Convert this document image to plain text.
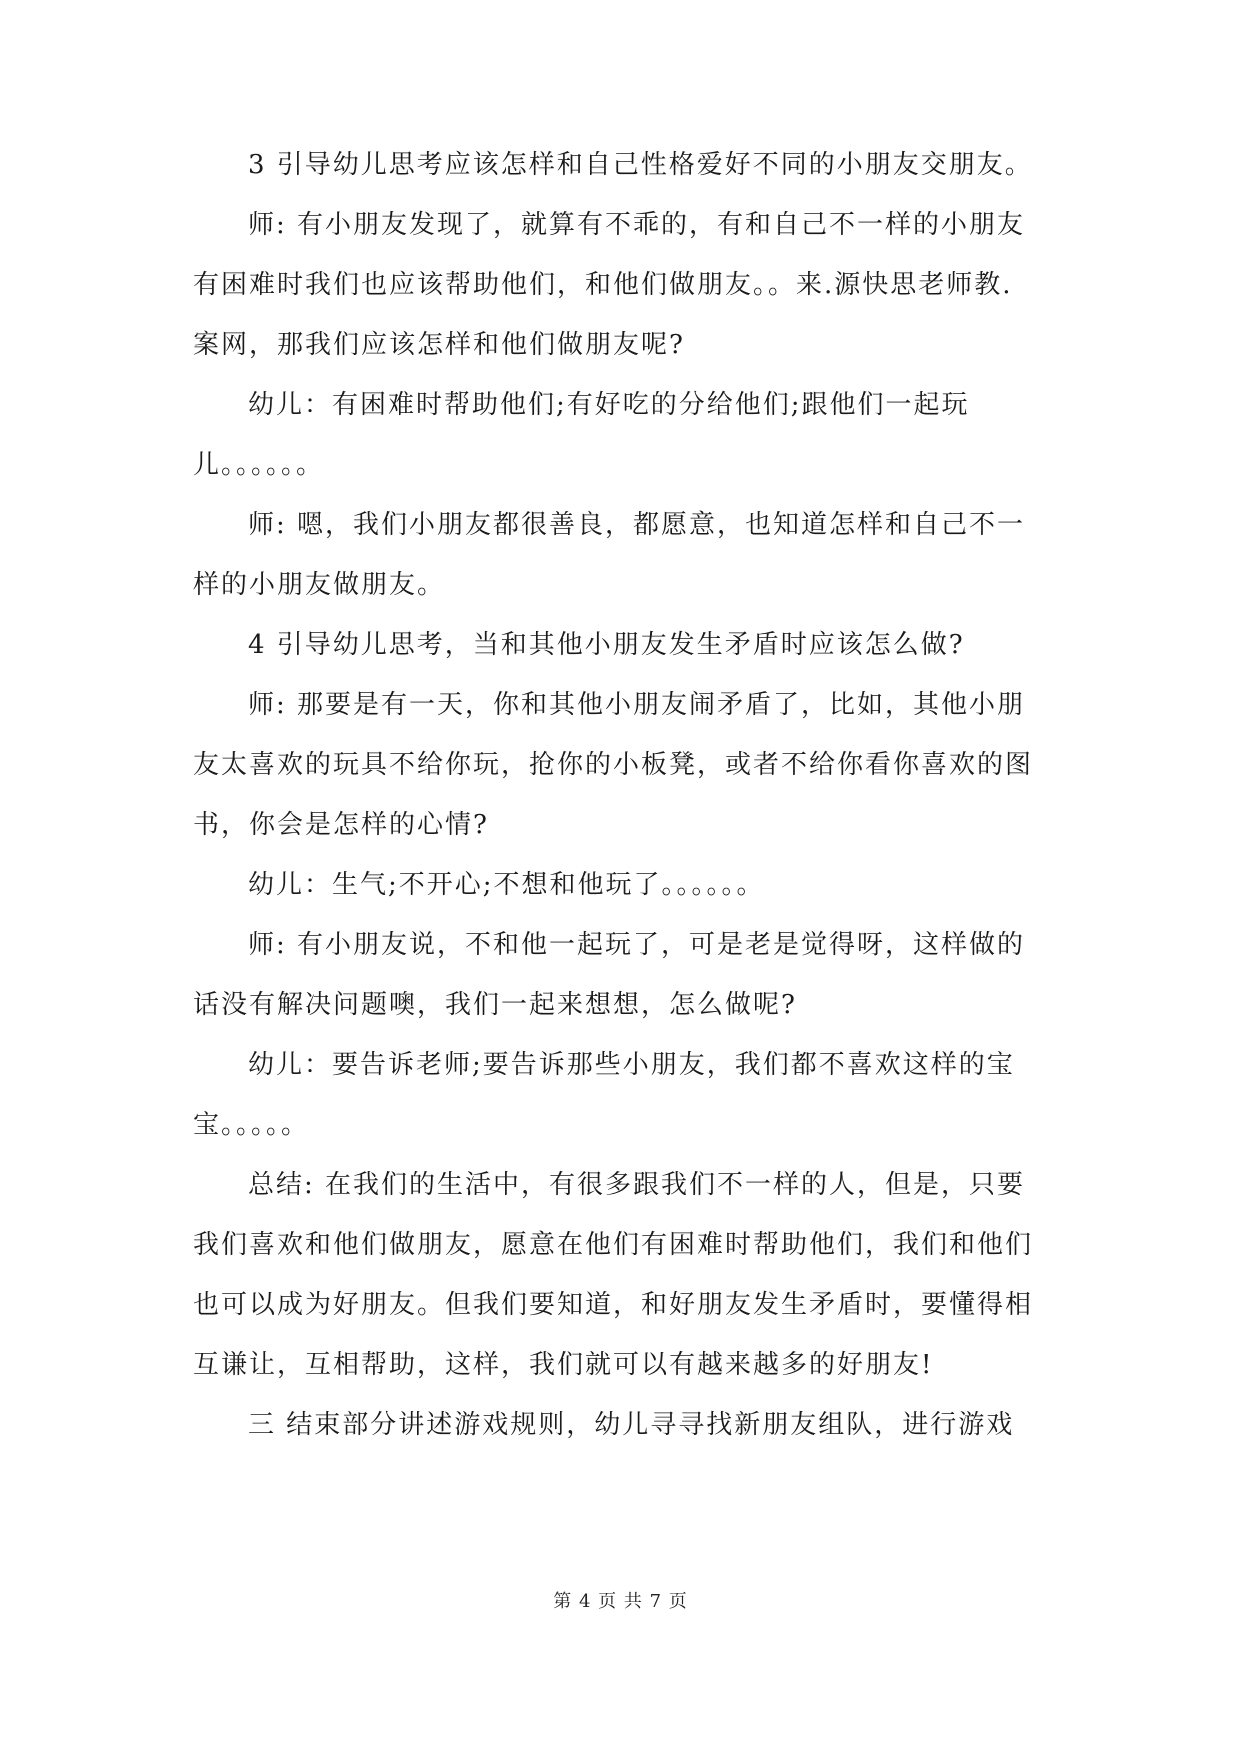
3 引导幼儿思考应该怎样和自己性格爱好不同的小朋友交朋友。
师: 有小朋友发现了，就算有不乖的，有和自己不一样的小朋友
有困难时我们也应该帮助他们，和他们做朋友。。来.源快思老师教.
案网，那我们应该怎样和他们做朋友呢?
幼儿：有困难时帮助他们;有好吃的分给他们;跟他们一起玩
儿。。。。。。
师: 嗯，我们小朋友都很善良，都愿意，也知道怎样和自己不一
样的小朋友做朋友。
4 引导幼儿思考，当和其他小朋友发生矛盾时应该怎么做?
师: 那要是有一天，你和其他小朋友闹矛盾了，比如，其他小朋
友太喜欢的玩具不给你玩，抢你的小板凳，或者不给你看你喜欢的图
书，你会是怎样的心情?
幼儿：生气;不开心;不想和他玩了。。。。。。
师: 有小朋友说，不和他一起玩了，可是老是觉得呀，这样做的
话没有解决问题噢，我们一起来想想，怎么做呢?
幼儿：要告诉老师;要告诉那些小朋友，我们都不喜欢这样的宝
宝。。。。。
总结: 在我们的生活中，有很多跟我们不一样的人，但是，只要
我们喜欢和他们做朋友，愿意在他们有困难时帮助他们，我们和他们
也可以成为好朋友。但我们要知道，和好朋友发生矛盾时，要懂得相
互谦让，互相帮助，这样，我们就可以有越来越多的好朋友!
三 结束部分讲述游戏规则，幼儿寻寻找新朋友组队，进行游戏
第 4 页 共 7 页
